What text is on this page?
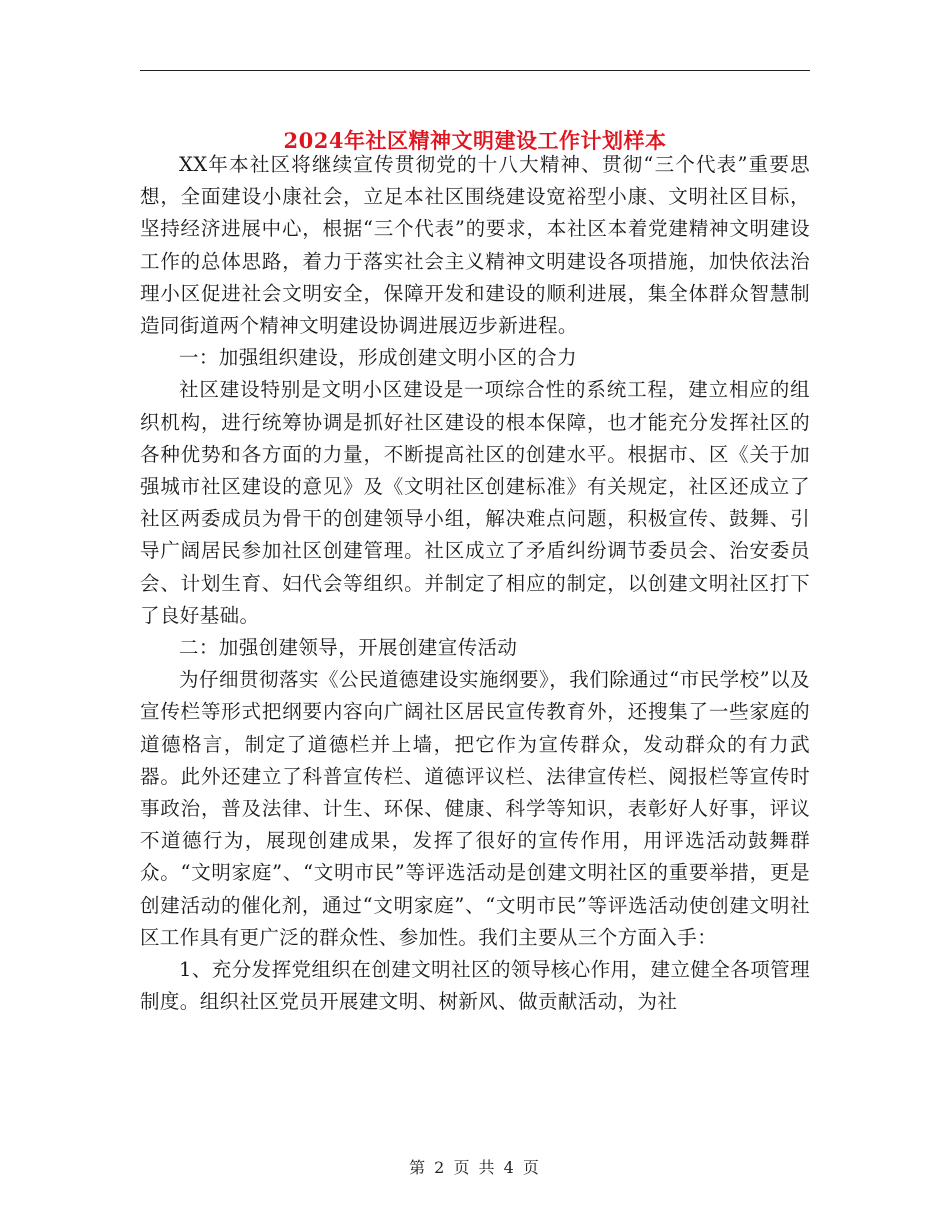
2024年社区精神文明建设工作计划样本

XX年本社区将继续宣传贯彻党的十八大精神、贯彻“三个代表”重要思想，全面建设小康社会，立足本社区围绕建设宽裕型小康、文明社区目标，坚持经济进展中心，根据“三个代表”的要求，本社区本着党建精神文明建设工作的总体思路，着力于落实社会主义精神文明建设各项措施，加快依法治理小区促进社会文明安全，保障开发和建设的顺利进展，集全体群众智慧制造同街道两个精神文明建设协调进展迈步新进程。

一：加强组织建设，形成创建文明小区的合力

社区建设特别是文明小区建设是一项综合性的系统工程，建立相应的组织机构，进行统筹协调是抓好社区建设的根本保障，也才能充分发挥社区的各种优势和各方面的力量，不断提高社区的创建水平。根据市、区《关于加强城市社区建设的意见》及《文明社区创建标准》有关规定，社区还成立了社区两委成员为骨干的创建领导小组，解决难点问题，积极宣传、鼓舞、引导广阔居民参加社区创建管理。社区成立了矛盾纠纷调节委员会、治安委员会、计划生育、妇代会等组织。并制定了相应的制定，以创建文明社区打下了良好基础。

二：加强创建领导，开展创建宣传活动

为仔细贯彻落实《公民道德建设实施纲要》，我们除通过“市民学校”以及宣传栏等形式把纲要内容向广阔社区居民宣传教育外，还搜集了一些家庭的道德格言，制定了道德栏并上墙，把它作为宣传群众，发动群众的有力武器。此外还建立了科普宣传栏、道德评议栏、法律宣传栏、阅报栏等宣传时事政治，普及法律、计生、环保、健康、科学等知识，表彰好人好事，评议不道德行为，展现创建成果，发挥了很好的宣传作用，用评选活动鼓舞群众。“文明家庭”、“文明市民”等评选活动是创建文明社区的重要举措，更是创建活动的催化剂，通过“文明家庭”、“文明市民”等评选活动使创建文明社区工作具有更广泛的群众性、参加性。我们主要从三个方面入手：

1、充分发挥党组织在创建文明社区的领导核心作用，建立健全各项管理制度。组织社区党员开展建文明、树新风、做贡献活动，为社

第 2 页 共 4 页
